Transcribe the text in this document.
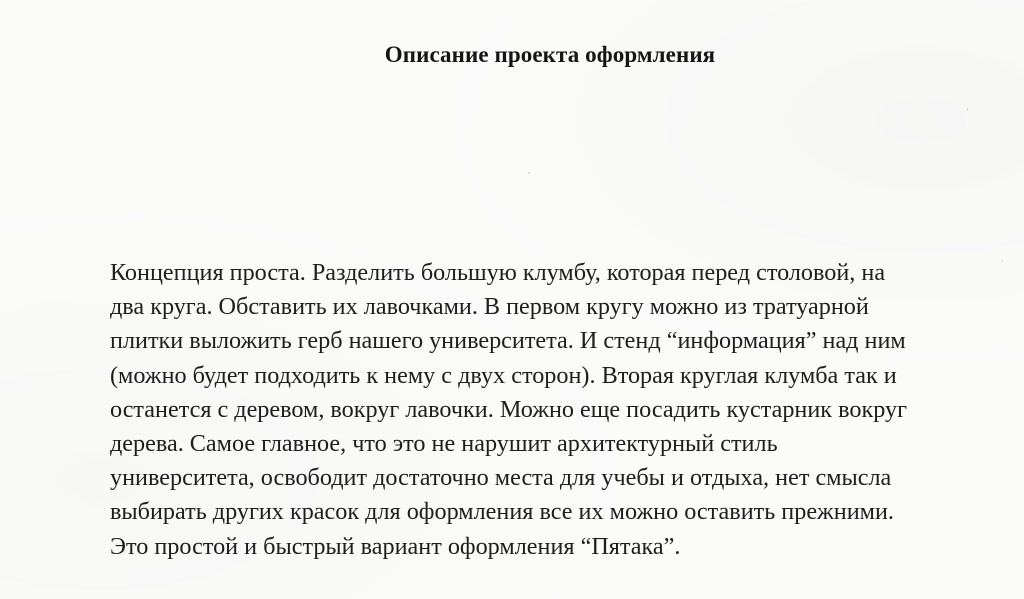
Описание проекта оформления

Концепция проста. Разделить большую клумбу, которая перед столовой, на
два круга. Обставить их лавочками. В первом кругу можно из тратуарной
плитки выложить герб нашего университета. И стенд “информация” над ним
(можно будет подходить к нему с двух сторон). Вторая круглая клумба так и
останется с деревом, вокруг лавочки. Можно еще посадить кустарник вокруг
дерева. Самое главное, что это не нарушит архитектурный стиль
университета, освободит достаточно места для учебы и отдыха, нет смысла
выбирать других красок для оформления все их можно оставить прежними.
Это простой и быстрый вариант оформления “Пятака”.
